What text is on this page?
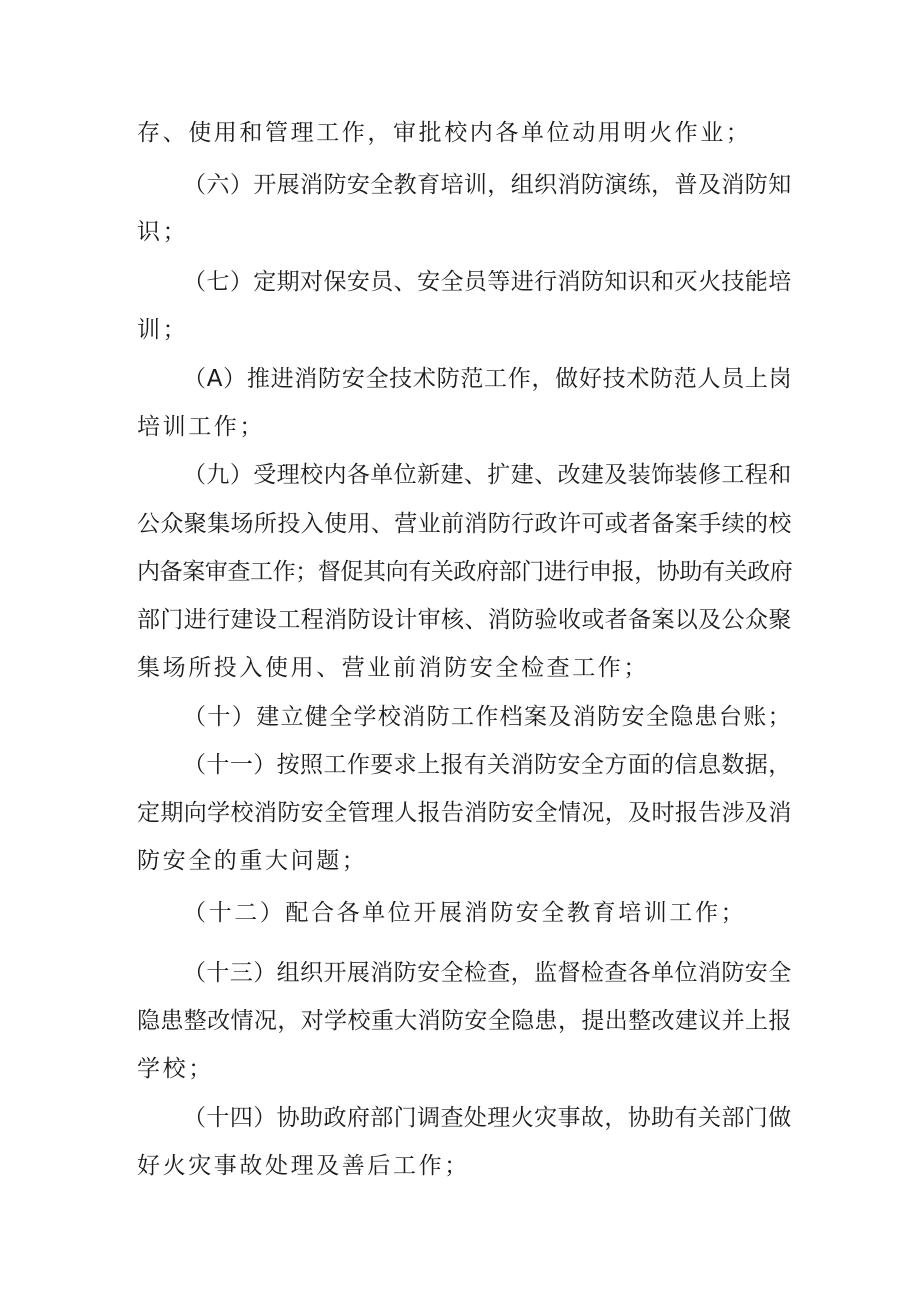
存、使用和管理工作，审批校内各单位动用明火作业；
（六）开展消防安全教育培训，组织消防演练，普及消防知
识；
（七）定期对保安员、安全员等进行消防知识和灭火技能培
训；
（A）推进消防安全技术防范工作，做好技术防范人员上岗
培训工作；
（九）受理校内各单位新建、扩建、改建及装饰装修工程和
公众聚集场所投入使用、营业前消防行政许可或者备案手续的校
内备案审查工作；督促其向有关政府部门进行申报，协助有关政府
部门进行建设工程消防设计审核、消防验收或者备案以及公众聚
集场所投入使用、营业前消防安全检查工作；
（十）建立健全学校消防工作档案及消防安全隐患台账；
（十一）按照工作要求上报有关消防安全方面的信息数据，
定期向学校消防安全管理人报告消防安全情况，及时报告涉及消
防安全的重大问题；
（十二）配合各单位开展消防安全教育培训工作；
（十三）组织开展消防安全检查，监督检查各单位消防安全
隐患整改情况，对学校重大消防安全隐患，提出整改建议并上报
学校；
（十四）协助政府部门调查处理火灾事故，协助有关部门做
好火灾事故处理及善后工作；
